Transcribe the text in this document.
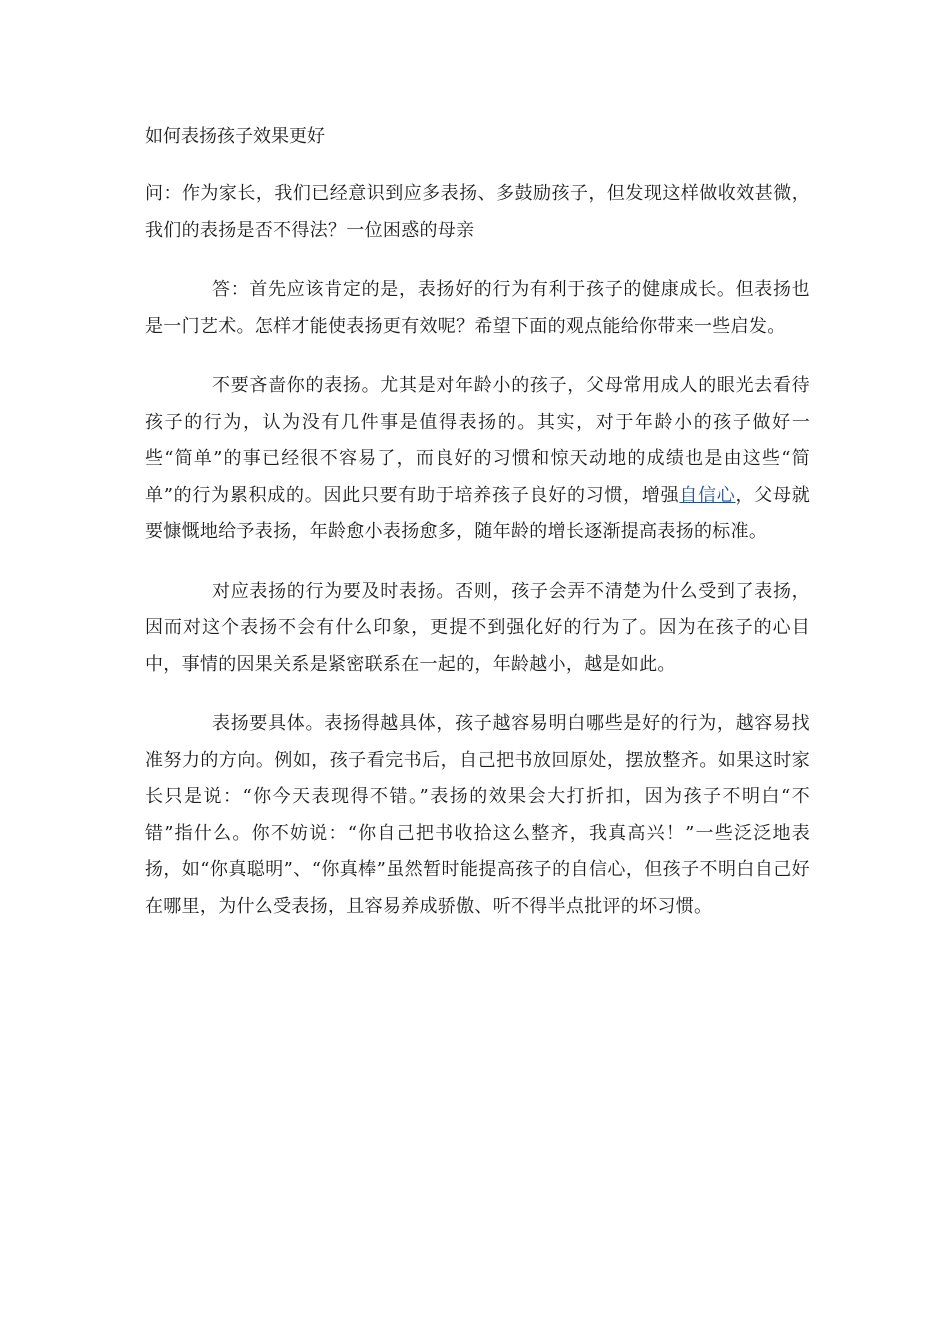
如何表扬孩子效果更好

问：作为家长，我们已经意识到应多表扬、多鼓励孩子，但发现这样做收效甚微，我们的表扬是否不得法？一位困惑的母亲

答：首先应该肯定的是，表扬好的行为有利于孩子的健康成长。但表扬也是一门艺术。怎样才能使表扬更有效呢？希望下面的观点能给你带来一些启发。

不要吝啬你的表扬。尤其是对年龄小的孩子，父母常用成人的眼光去看待孩子的行为，认为没有几件事是值得表扬的。其实，对于年龄小的孩子做好一些“简单”的事已经很不容易了，而良好的习惯和惊天动地的成绩也是由这些“简单”的行为累积成的。因此只要有助于培养孩子良好的习惯，增强自信心，父母就要慷慨地给予表扬，年龄愈小表扬愈多，随年龄的增长逐渐提高表扬的标准。

对应表扬的行为要及时表扬。否则，孩子会弄不清楚为什么受到了表扬，因而对这个表扬不会有什么印象，更提不到强化好的行为了。因为在孩子的心目中，事情的因果关系是紧密联系在一起的，年龄越小，越是如此。

表扬要具体。表扬得越具体，孩子越容易明白哪些是好的行为，越容易找准努力的方向。例如，孩子看完书后，自己把书放回原处，摆放整齐。如果这时家长只是说：“你今天表现得不错。”表扬的效果会大打折扣，因为孩子不明白“不错”指什么。你不妨说：“你自己把书收拾这么整齐，我真高兴！”一些泛泛地表扬，如“你真聪明”、“你真棒”虽然暂时能提高孩子的自信心，但孩子不明白自己好在哪里，为什么受表扬，且容易养成骄傲、听不得半点批评的坏习惯。
